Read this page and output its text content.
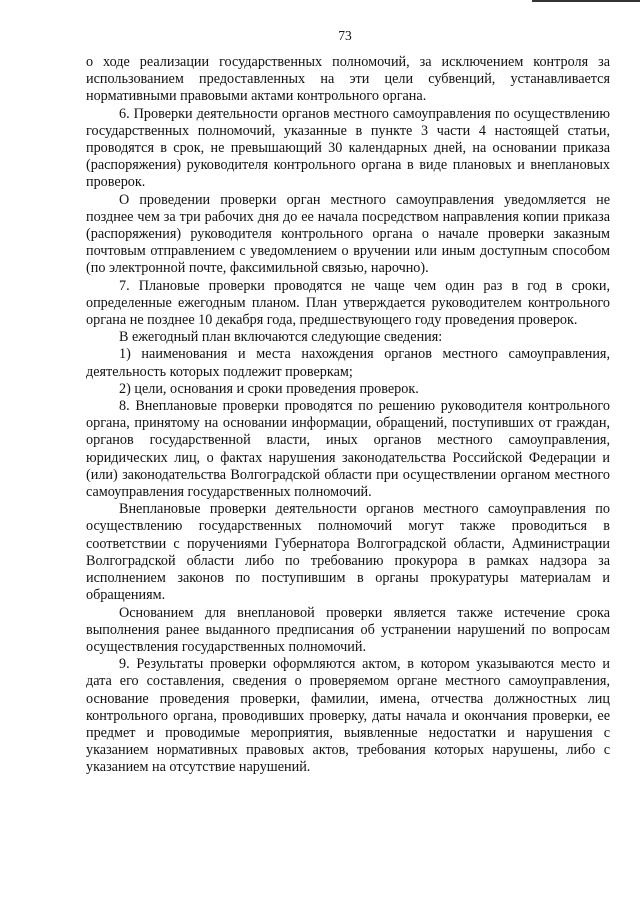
73

о ходе реализации государственных полномочий, за исключением контроля за использованием предоставленных на эти цели субвенций, устанавливается нормативными правовыми актами контрольного органа.

6. Проверки деятельности органов местного самоуправления по осуществлению государственных полномочий, указанные в пункте 3 части 4 настоящей статьи, проводятся в срок, не превышающий 30 календарных дней, на основании приказа (распоряжения) руководителя контрольного органа в виде плановых и внеплановых проверок.

О проведении проверки орган местного самоуправления уведомляется не позднее чем за три рабочих дня до ее начала посредством направления копии приказа (распоряжения) руководителя контрольного органа о начале проверки заказным почтовым отправлением с уведомлением о вручении или иным доступным способом (по электронной почте, факсимильной связью, нарочно).

7. Плановые проверки проводятся не чаще чем один раз в год в сроки, определенные ежегодным планом. План утверждается руководителем контрольного органа не позднее 10 декабря года, предшествующего году проведения проверок.

В ежегодный план включаются следующие сведения:

1) наименования и места нахождения органов местного самоуправления, деятельность которых подлежит проверкам;

2) цели, основания и сроки проведения проверок.

8. Внеплановые проверки проводятся по решению руководителя контрольного органа, принятому на основании информации, обращений, поступивших от граждан, органов государственной власти, иных органов местного самоуправления, юридических лиц, о фактах нарушения законодательства Российской Федерации и (или) законодательства Волгоградской области при осуществлении органом местного самоуправления государственных полномочий.

Внеплановые проверки деятельности органов местного самоуправления по осуществлению государственных полномочий могут также проводиться в соответствии с поручениями Губернатора Волгоградской области, Администрации Волгоградской области либо по требованию прокурора в рамках надзора за исполнением законов по поступившим в органы прокуратуры материалам и обращениям.

Основанием для внеплановой проверки является также истечение срока выполнения ранее выданного предписания об устранении нарушений по вопросам осуществления государственных полномочий.

9. Результаты проверки оформляются актом, в котором указываются место и дата его составления, сведения о проверяемом органе местного самоуправления, основание проведения проверки, фамилии, имена, отчества должностных лиц контрольного органа, проводивших проверку, даты начала и окончания проверки, ее предмет и проводимые мероприятия, выявленные недостатки и нарушения с указанием нормативных правовых актов, требования которых нарушены, либо с указанием на отсутствие нарушений.
